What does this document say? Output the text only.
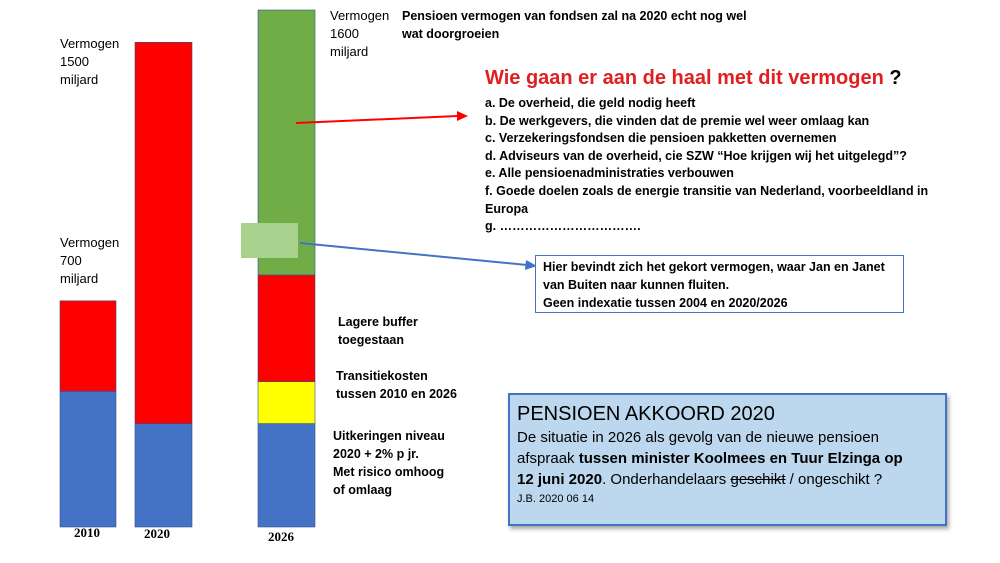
2010	2020	2026
Vermogen
1500
miljard
Vermogen
700
miljard
Vermogen
1600
miljard
Pensioen vermogen van fondsen zal na 2020 echt nog wel
wat doorgroeien
Wie gaan er aan de haal met dit vermogen ?
a. De overheid, die geld nodig heeft
b. De werkgevers, die vinden dat de premie wel weer omlaag kan
c. Verzekeringsfondsen die pensioen pakketten overnemen
d. Adviseurs van de overheid, cie SZW “Hoe krijgen wij het uitgelegd”?
e. Alle pensioenadministraties verbouwen
f. Goede doelen zoals de energie transitie van Nederland, voorbeeldland in
Europa
g. …………………………….
Lagere buffer
toegestaan
Transitiekosten
tussen 2010 en 2026
Uitkeringen niveau
2020 + 2% p jr.
Met risico omhoog
of omlaag
Hier bevindt zich het gekort vermogen, waar Jan en Janet
van Buiten naar kunnen fluiten.
Geen indexatie tussen 2004 en 2020/2026
PENSIOEN AKKOORD 2020
De situatie in 2026 als gevolg van de nieuwe pensioen
afspraak tussen minister Koolmees en Tuur Elzinga op
12 juni 2020. Onderhandelaars geschikt / ongeschikt ?
J.B. 2020 06 14
